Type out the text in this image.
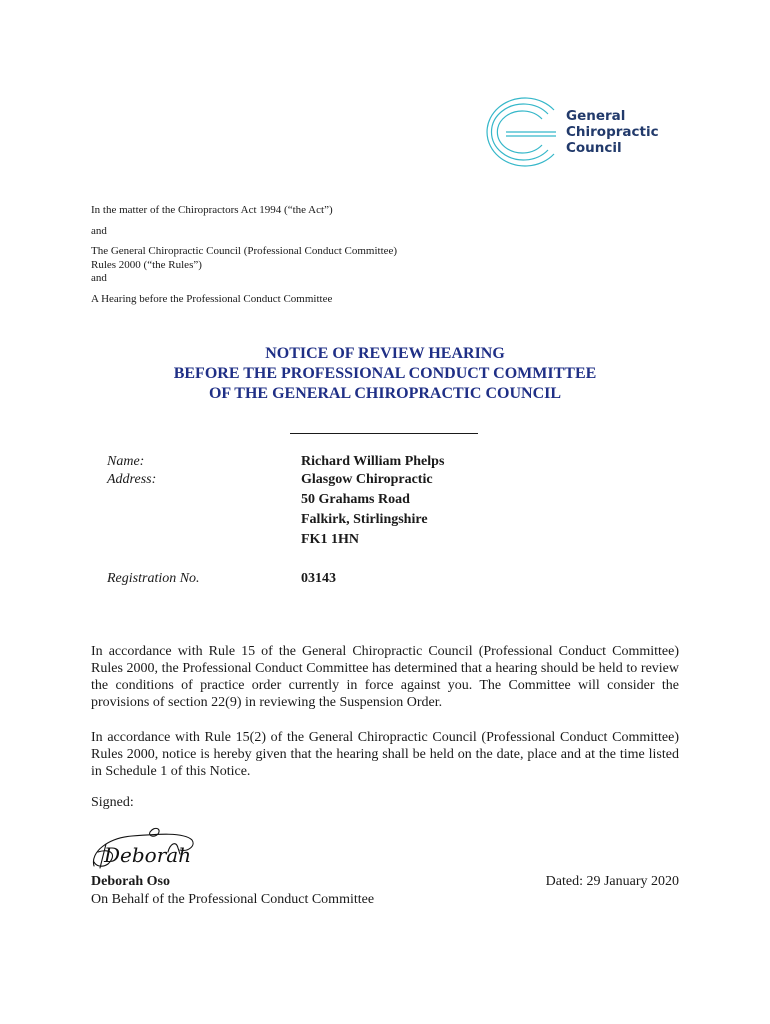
General
Chiropractic
Council

In the matter of the Chiropractors Act 1994 (“the Act”)

and

The General Chiropractic Council (Professional Conduct Committee)

Rules 2000 (“the Rules”)

and

A Hearing before the Professional Conduct Committee

NOTICE OF REVIEW HEARING
BEFORE THE PROFESSIONAL CONDUCT COMMITTEE
OF THE GENERAL CHIROPRACTIC COUNCIL
Name:
Address:
Registration No.
Richard William Phelps
Glasgow Chiropractic
50 Grahams Road
Falkirk, Stirlingshire
FK1 1HN
03143

In accordance with Rule 15 of the General Chiropractic Council (Professional Conduct Committee) Rules 2000, the Professional Conduct Committee has determined that a hearing should be held to review the conditions of practice order currently in force against you. The Committee will consider the provisions of section 22(9) in reviewing the Suspension Order.

In accordance with Rule 15(2) of the General Chiropractic Council (Professional Conduct Committee) Rules 2000, notice is hereby given that the hearing shall be held on the date, place and at the time listed in Schedule 1 of this Notice.

Signed:
Deborah
Deborah Oso
On Behalf of the Professional Conduct Committee
Dated: 29 January 2020
